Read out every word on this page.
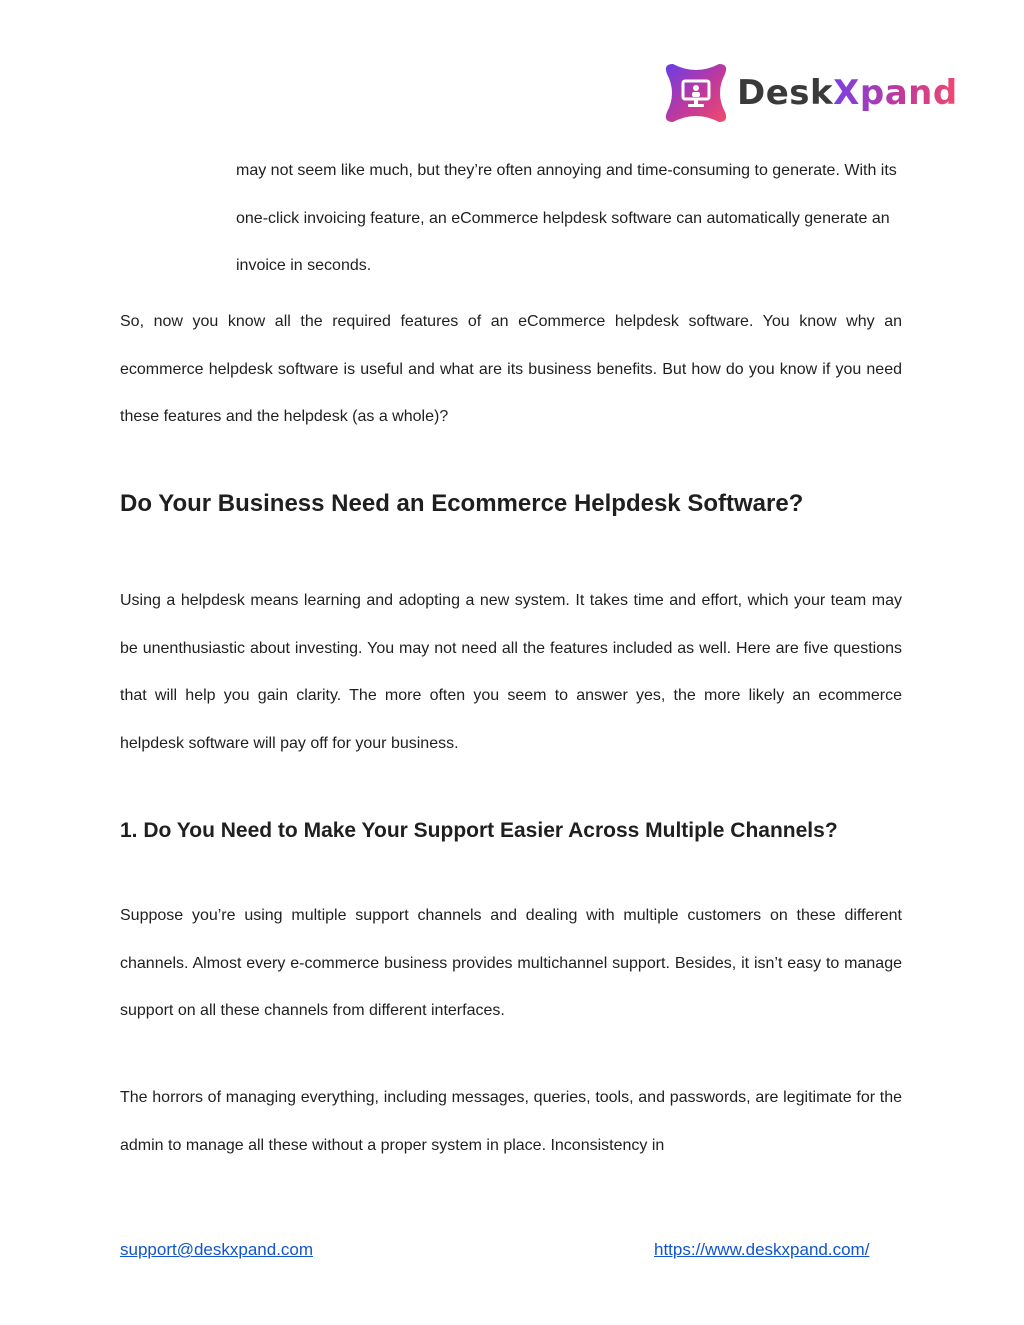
DeskXpand

may not seem like much, but they’re often annoying and time-consuming to generate. With its one-click invoicing feature, an eCommerce helpdesk software can automatically generate an invoice in seconds.

So, now you know all the required features of an eCommerce helpdesk software. You know why an ecommerce helpdesk software is useful and what are its business benefits. But how do you know if you need these features and the helpdesk (as a whole)?

Do Your Business Need an Ecommerce Helpdesk Software?

Using a helpdesk means learning and adopting a new system. It takes time and effort, which your team may be unenthusiastic about investing. You may not need all the features included as well. Here are five questions that will help you gain clarity. The more often you seem to answer yes, the more likely an ecommerce helpdesk software will pay off for your business.

1. Do You Need to Make Your Support Easier Across Multiple Channels?

Suppose you’re using multiple support channels and dealing with multiple customers on these different channels. Almost every e-commerce business provides multichannel support. Besides, it isn’t easy to manage support on all these channels from different interfaces.

The horrors of managing everything, including messages, queries, tools, and passwords, are legitimate for the admin to manage all these without a proper system in place. Inconsistency in

support@deskxpand.com	https://www.deskxpand.com/
